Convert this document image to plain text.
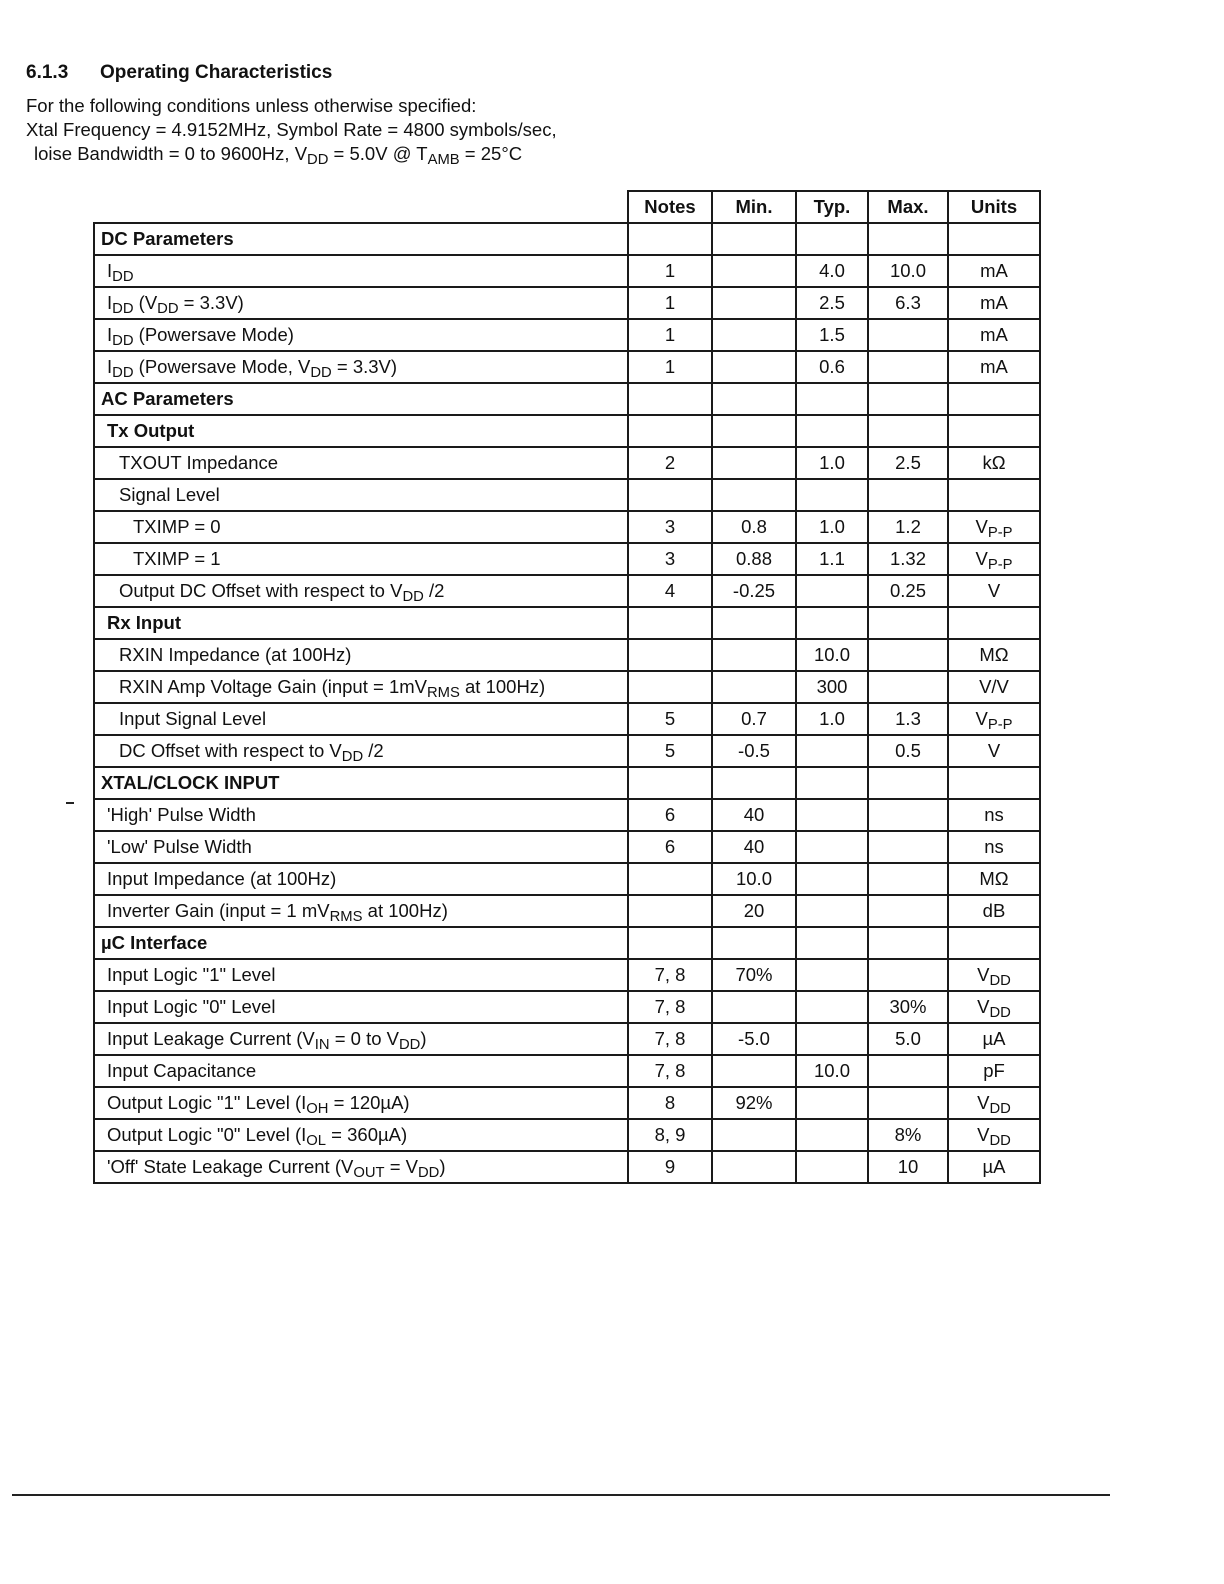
6.1.3 Operating Characteristics
For the following conditions unless otherwise specified:
Xtal Frequency = 4.9152MHz, Symbol Rate = 4800 symbols/sec,
loise Bandwidth = 0 to 9600Hz, $V_{DD} = 5.0V$ @ $T_{AMB} = 25^\circ C$
	Notes	Min.	Typ.	Max.	Units
DC Parameters					
$I_{DD}$	1		4.0	10.0	mA
$I_{DD}$ $(V_{DD} = 3.3V)$	1		2.5	6.3	mA
$I_{DD}$ (Powersave Mode)	1		1.5		mA
$I_{DD}$ (Powersave Mode, $V_{DD} = 3.3V$)	1		0.6		mA
AC Parameters					
Tx Output					
TXOUT Impedance	2		1.0	2.5	kΩ
Signal Level					
TXIMP = 0	3	0.8	1.0	1.2	$V_{P-P}$
TXIMP = 1	3	0.88	1.1	1.32	$V_{P-P}$
Output DC Offset with respect to $V_{DD}$ /2	4	-0.25		0.25	V
Rx Input					
RXIN Impedance (at 100Hz)			10.0		MΩ
RXIN Amp Voltage Gain (input = $1mV_{RMS}$ at 100Hz)			300		V/V
Input Signal Level	5	0.7	1.0	1.3	$V_{P-P}$
DC Offset with respect to $V_{DD}$ /2	5	-0.5		0.5	V
XTAL/CLOCK INPUT					
'High' Pulse Width	6	40			ns
'Low' Pulse Width	6	40			ns
Input Impedance (at 100Hz)		10.0			MΩ
Inverter Gain (input = 1 $mV_{RMS}$ at 100Hz)		20			dB
µC Interface					
Input Logic "1" Level	7, 8	70%			$V_{DD}$
Input Logic "0" Level	7, 8			30%	$V_{DD}$
Input Leakage Current ($V_{IN} = 0$ to $V_{DD}$)	7, 8	-5.0		5.0	µA
Input Capacitance	7, 8		10.0		pF
Output Logic "1" Level $(I_{OH} = 120\mu A)$	8	92%			$V_{DD}$
Output Logic "0" Level $(I_{OL} = 360\mu A)$	8, 9			8%	$V_{DD}$
'Off' State Leakage Current $(V_{OUT} = V_{DD})$	9			10	µA
